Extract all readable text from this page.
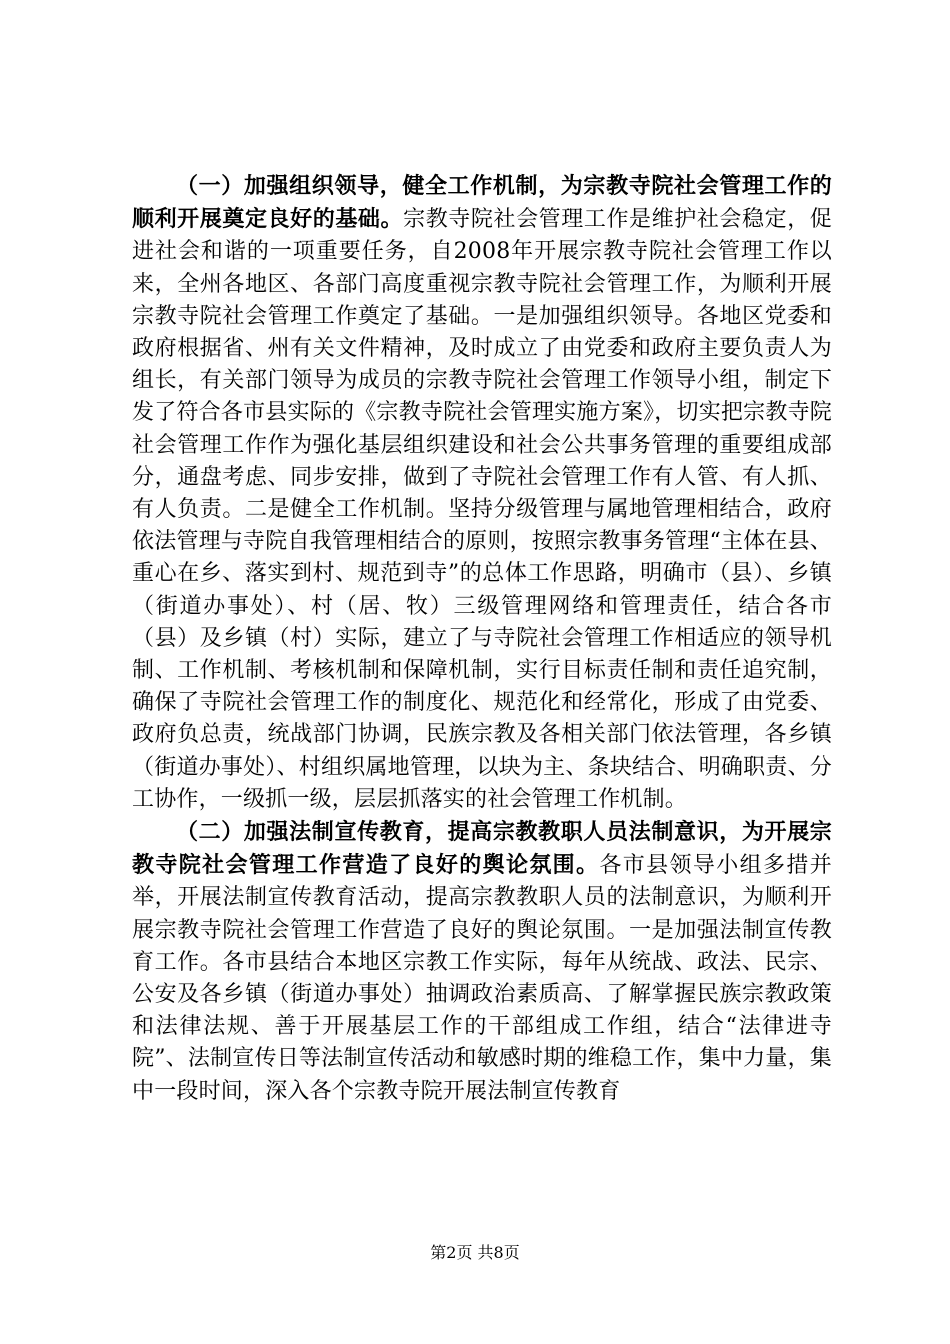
（一）加强组织领导，健全工作机制，为宗教寺院社会管理工作的顺利开展奠定良好的基础。宗教寺院社会管理工作是维护社会稳定，促进社会和谐的一项重要任务，自2008年开展宗教寺院社会管理工作以来，全州各地区、各部门高度重视宗教寺院社会管理工作，为顺利开展宗教寺院社会管理工作奠定了基础。一是加强组织领导。各地区党委和政府根据省、州有关文件精神，及时成立了由党委和政府主要负责人为组长，有关部门领导为成员的宗教寺院社会管理工作领导小组，制定下发了符合各市县实际的《宗教寺院社会管理实施方案》，切实把宗教寺院社会管理工作作为强化基层组织建设和社会公共事务管理的重要组成部分，通盘考虑、同步安排，做到了寺院社会管理工作有人管、有人抓、有人负责。二是健全工作机制。坚持分级管理与属地管理相结合，政府依法管理与寺院自我管理相结合的原则，按照宗教事务管理“主体在县、重心在乡、落实到村、规范到寺”的总体工作思路，明确市（县）、乡镇（街道办事处）、村（居、牧）三级管理网络和管理责任，结合各市（县）及乡镇（村）实际，建立了与寺院社会管理工作相适应的领导机制、工作机制、考核机制和保障机制，实行目标责任制和责任追究制，确保了寺院社会管理工作的制度化、规范化和经常化，形成了由党委、政府负总责，统战部门协调，民族宗教及各相关部门依法管理，各乡镇（街道办事处）、村组织属地管理，以块为主、条块结合、明确职责、分工协作，一级抓一级，层层抓落实的社会管理工作机制。

（二）加强法制宣传教育，提高宗教教职人员法制意识，为开展宗教寺院社会管理工作营造了良好的舆论氛围。各市县领导小组多措并举，开展法制宣传教育活动，提高宗教教职人员的法制意识，为顺利开展宗教寺院社会管理工作营造了良好的舆论氛围。一是加强法制宣传教育工作。各市县结合本地区宗教工作实际，每年从统战、政法、民宗、公安及各乡镇（街道办事处）抽调政治素质高、了解掌握民族宗教政策和法律法规、善于开展基层工作的干部组成工作组，结合“法律进寺院”、法制宣传日等法制宣传活动和敏感时期的维稳工作，集中力量，集中一段时间，深入各个宗教寺院开展法制宣传教育

第2页 共8页
